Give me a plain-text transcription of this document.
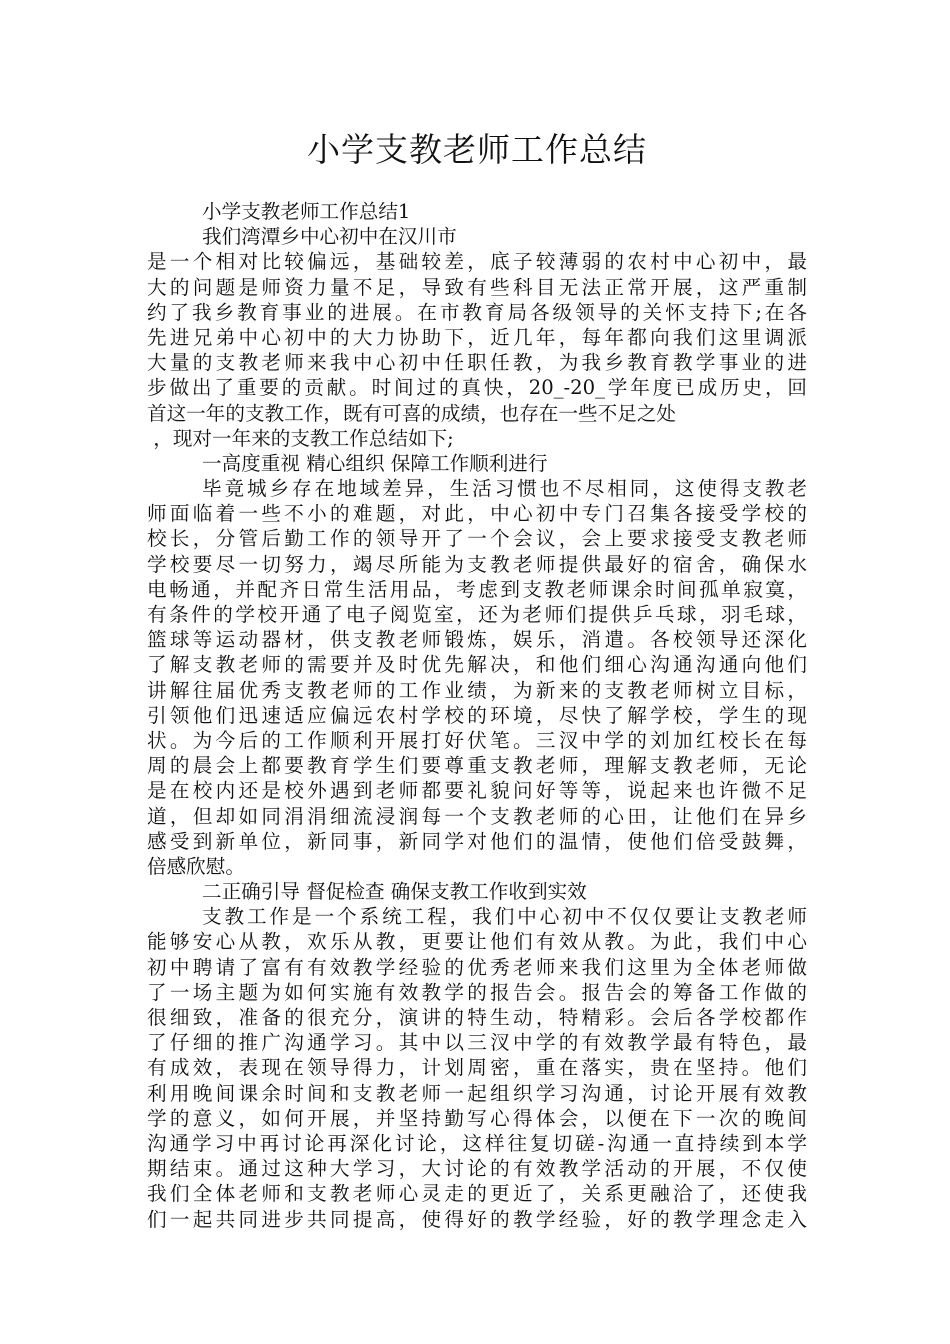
小学支教老师工作总结
小学支教老师工作总结1
我们湾潭乡中心初中在汉川市
是一个相对比较偏远，基础较差，底子较薄弱的农村中心初中，最
大的问题是师资力量不足，导致有些科目无法正常开展，这严重制
约了我乡教育事业的进展。在市教育局各级领导的关怀支持下;在各
先进兄弟中心初中的大力协助下，近几年，每年都向我们这里调派
大量的支教老师来我中心初中任职任教，为我乡教育教学事业的进
步做出了重要的贡献。时间过的真快，20_-20_学年度已成历史，回
首这一年的支教工作，既有可喜的成绩，也存在一些不足之处
，现对一年来的支教工作总结如下;
一高度重视 精心组织 保障工作顺利进行
毕竟城乡存在地域差异，生活习惯也不尽相同，这使得支教老
师面临着一些不小的难题，对此，中心初中专门召集各接受学校的
校长，分管后勤工作的领导开了一个会议，会上要求接受支教老师
学校要尽一切努力，竭尽所能为支教老师提供最好的宿舍，确保水
电畅通，并配齐日常生活用品，考虑到支教老师课余时间孤单寂寞，
有条件的学校开通了电子阅览室，还为老师们提供乒乓球，羽毛球，
篮球等运动器材，供支教老师锻炼，娱乐，消遣。各校领导还深化
了解支教老师的需要并及时优先解决，和他们细心沟通沟通向他们
讲解往届优秀支教老师的工作业绩，为新来的支教老师树立目标，
引领他们迅速适应偏远农村学校的环境，尽快了解学校，学生的现
状。为今后的工作顺利开展打好伏笔。三汊中学的刘加红校长在每
周的晨会上都要教育学生们要尊重支教老师，理解支教老师，无论
是在校内还是校外遇到老师都要礼貌问好等等，说起来也许微不足
道，但却如同涓涓细流浸润每一个支教老师的心田，让他们在异乡
感受到新单位，新同事，新同学对他们的温情，使他们倍受鼓舞，
倍感欣慰。
二正确引导 督促检查 确保支教工作收到实效
支教工作是一个系统工程，我们中心初中不仅仅要让支教老师
能够安心从教，欢乐从教，更要让他们有效从教。为此，我们中心
初中聘请了富有有效教学经验的优秀老师来我们这里为全体老师做
了一场主题为如何实施有效教学的报告会。报告会的筹备工作做的
很细致，准备的很充分，演讲的特生动，特精彩。会后各学校都作
了仔细的推广沟通学习。其中以三汊中学的有效教学最有特色，最
有成效，表现在领导得力，计划周密，重在落实，贵在坚持。他们
利用晚间课余时间和支教老师一起组织学习沟通，讨论开展有效教
学的意义，如何开展，并坚持勤写心得体会，以便在下一次的晚间
沟通学习中再讨论再深化讨论，这样往复切磋-沟通一直持续到本学
期结束。通过这种大学习，大讨论的有效教学活动的开展，不仅使
我们全体老师和支教老师心灵走的更近了，关系更融洽了，还使我
们一起共同进步共同提高，使得好的教学经验，好的教学理念走入
